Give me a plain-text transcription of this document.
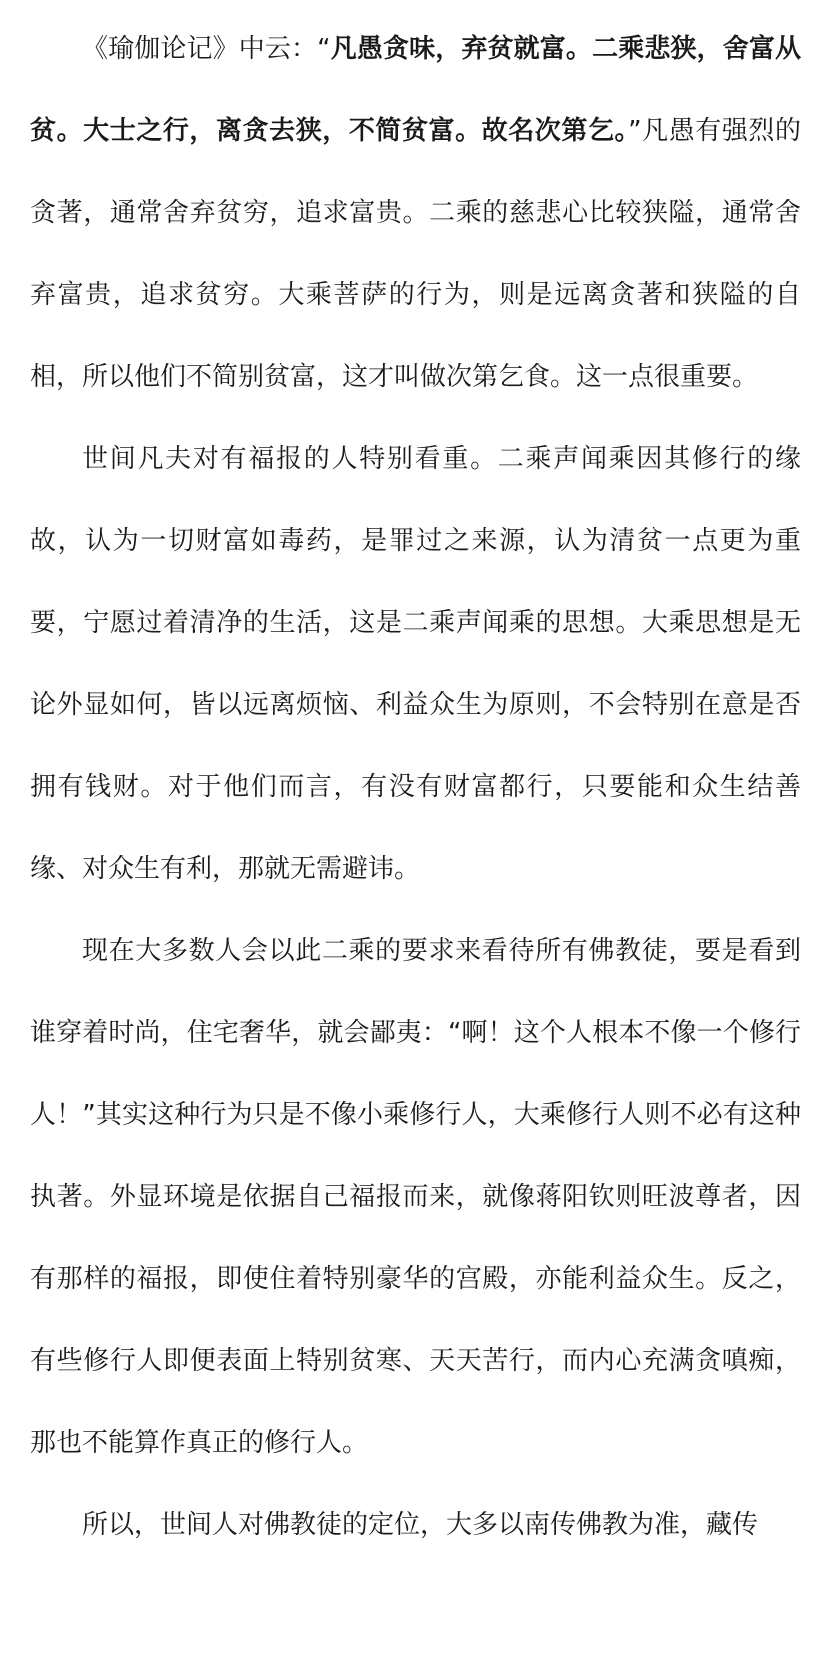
《瑜伽论记》中云：“凡愚贪味，弃贫就富。二乘悲狭，舍富从贫。大士之行，离贪去狭，不简贫富。故名次第乞。”凡愚有强烈的贪著，通常舍弃贫穷，追求富贵。二乘的慈悲心比较狭隘，通常舍弃富贵，追求贫穷。大乘菩萨的行为，则是远离贪著和狭隘的自相，所以他们不简别贫富，这才叫做次第乞食。这一点很重要。

世间凡夫对有福报的人特别看重。二乘声闻乘因其修行的缘故，认为一切财富如毒药，是罪过之来源，认为清贫一点更为重要，宁愿过着清净的生活，这是二乘声闻乘的思想。大乘思想是无论外显如何，皆以远离烦恼、利益众生为原则，不会特别在意是否拥有钱财。对于他们而言，有没有财富都行，只要能和众生结善缘、对众生有利，那就无需避讳。

现在大多数人会以此二乘的要求来看待所有佛教徒，要是看到谁穿着时尚，住宅奢华，就会鄙夷：“啊！这个人根本不像一个修行人！”其实这种行为只是不像小乘修行人，大乘修行人则不必有这种执著。外显环境是依据自己福报而来，就像蒋阳钦则旺波尊者，因有那样的福报，即使住着特别豪华的宫殿，亦能利益众生。反之，有些修行人即便表面上特别贫寒、天天苦行，而内心充满贪嗔痴，那也不能算作真正的修行人。

所以，世间人对佛教徒的定位，大多以南传佛教为准，藏传
